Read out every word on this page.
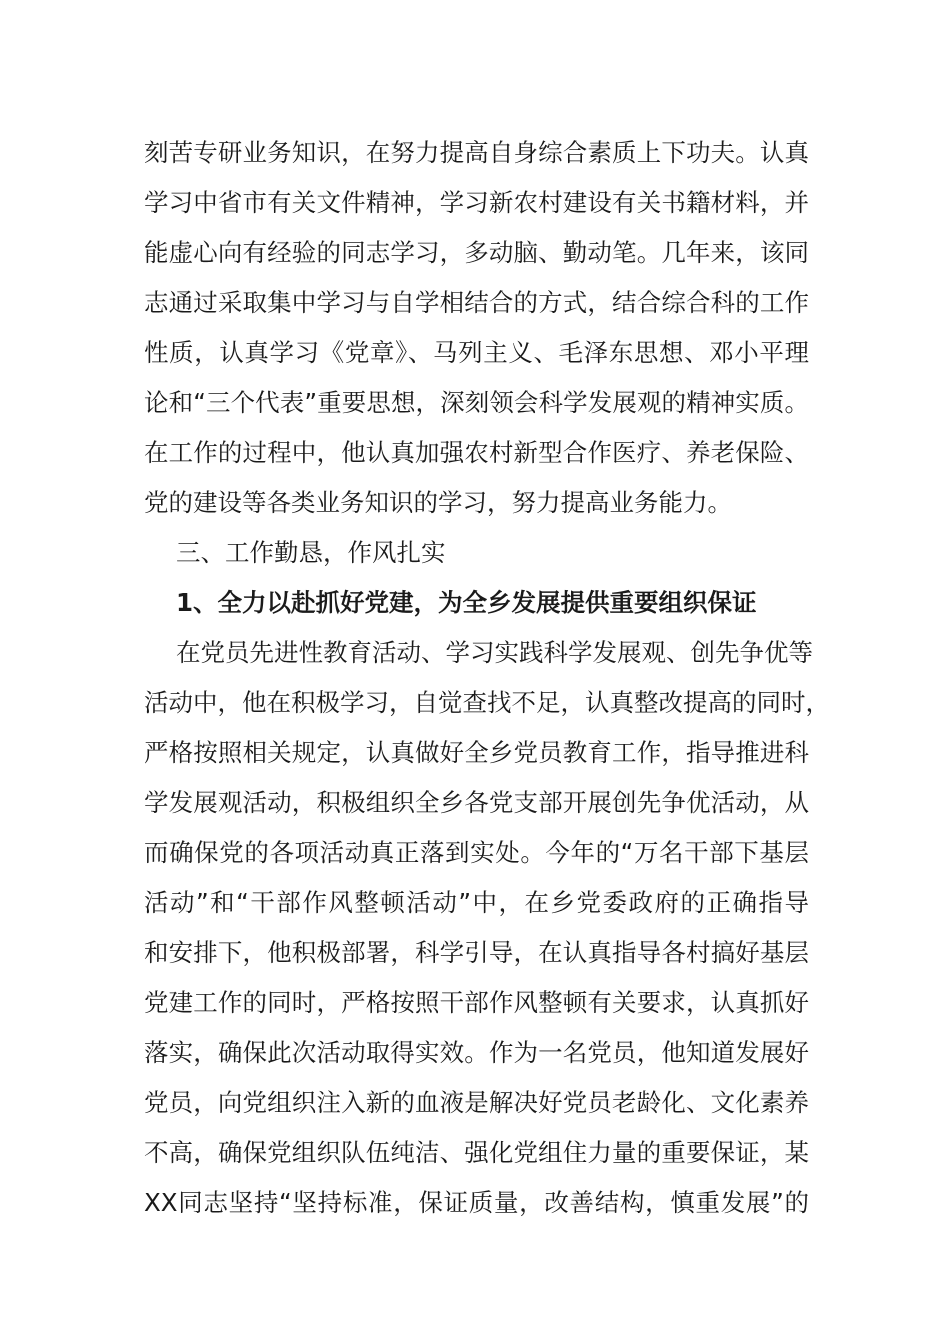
刻苦专研业务知识，在努力提高自身综合素质上下功夫。认真

学习中省市有关文件精神，学习新农村建设有关书籍材料，并

能虚心向有经验的同志学习，多动脑、勤动笔。几年来，该同

志通过采取集中学习与自学相结合的方式，结合综合科的工作

性质，认真学习《党章》、马列主义、毛泽东思想、邓小平理

论和“三个代表”重要思想，深刻领会科学发展观的精神实质。

在工作的过程中，他认真加强农村新型合作医疗、养老保险、

党的建设等各类业务知识的学习，努力提高业务能力。

三、工作勤恳，作风扎实

1、全力以赴抓好党建，为全乡发展提供重要组织保证

在党员先进性教育活动、学习实践科学发展观、创先争优等

活动中，他在积极学习，自觉查找不足，认真整改提高的同时，

严格按照相关规定，认真做好全乡党员教育工作，指导推进科

学发展观活动，积极组织全乡各党支部开展创先争优活动，从

而确保党的各项活动真正落到实处。今年的“万名干部下基层

活动”和“干部作风整顿活动”中，在乡党委政府的正确指导

和安排下，他积极部署，科学引导，在认真指导各村搞好基层

党建工作的同时，严格按照干部作风整顿有关要求，认真抓好

落实，确保此次活动取得实效。作为一名党员，他知道发展好

党员，向党组织注入新的血液是解决好党员老龄化、文化素养

不高，确保党组织队伍纯洁、强化党组住力量的重要保证，某

XX同志坚持“坚持标准，保证质量，改善结构，慎重发展”的
